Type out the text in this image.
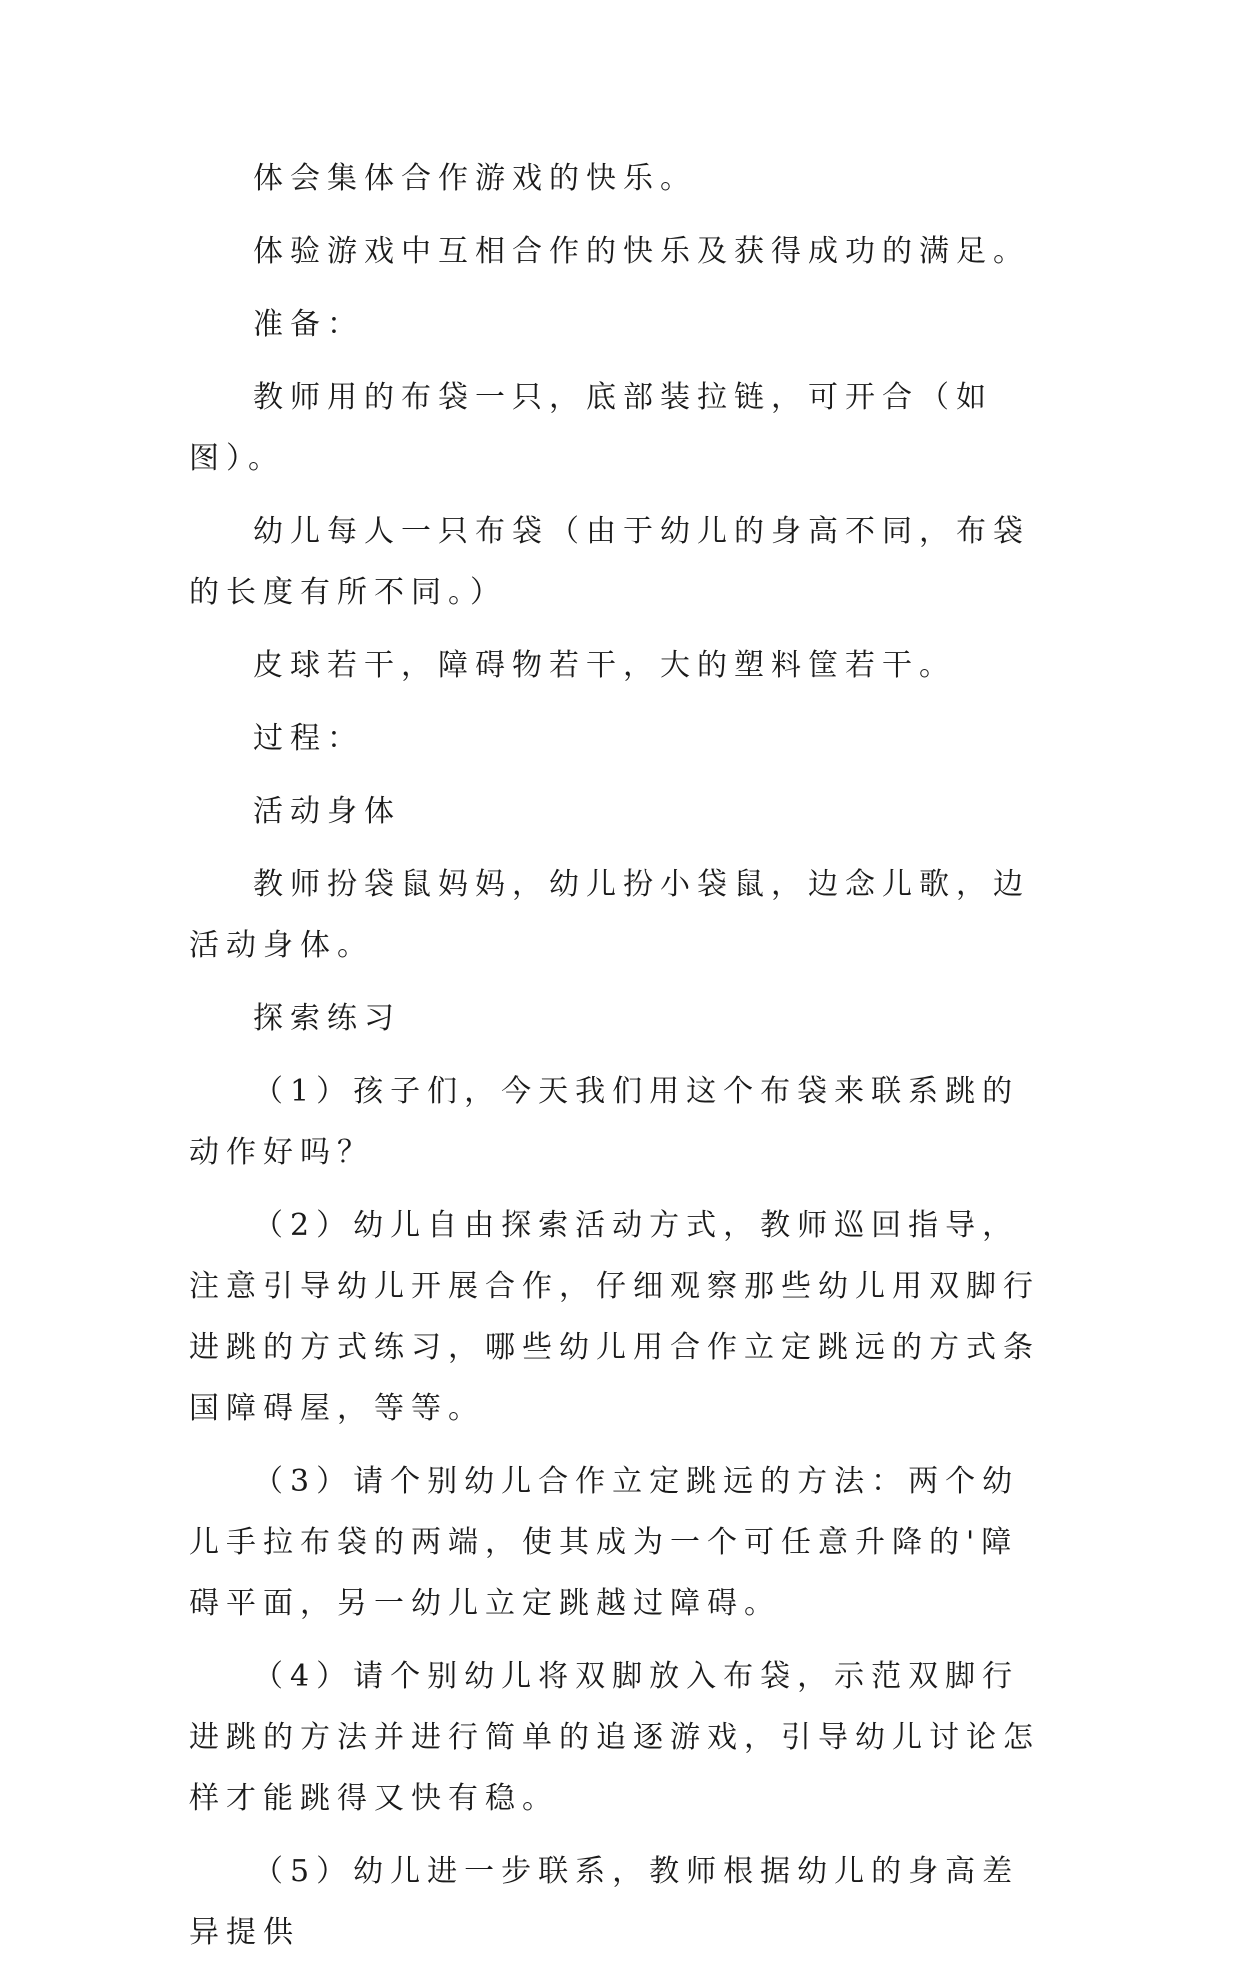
体会集体合作游戏的快乐。

体验游戏中互相合作的快乐及获得成功的满足。

准备：

教师用的布袋一只，底部装拉链，可开合（如图）。

幼儿每人一只布袋（由于幼儿的身高不同，布袋的长度有所不同。）

皮球若干，障碍物若干，大的塑料筐若干。

过程：

活动身体

教师扮袋鼠妈妈，幼儿扮小袋鼠，边念儿歌，边活动身体。

探索练习

（1）孩子们，今天我们用这个布袋来联系跳的动作好吗？

（2）幼儿自由探索活动方式，教师巡回指导，注意引导幼儿开展合作，仔细观察那些幼儿用双脚行进跳的方式练习，哪些幼儿用合作立定跳远的方式条国障碍屋，等等。

（3）请个别幼儿合作立定跳远的方法：两个幼儿手拉布袋的两端，使其成为一个可任意升降的'障碍平面，另一幼儿立定跳越过障碍。

（4）请个别幼儿将双脚放入布袋，示范双脚行进跳的方法并进行简单的追逐游戏，引导幼儿讨论怎样才能跳得又快有稳。

（5）幼儿进一步联系，教师根据幼儿的身高差异提供
